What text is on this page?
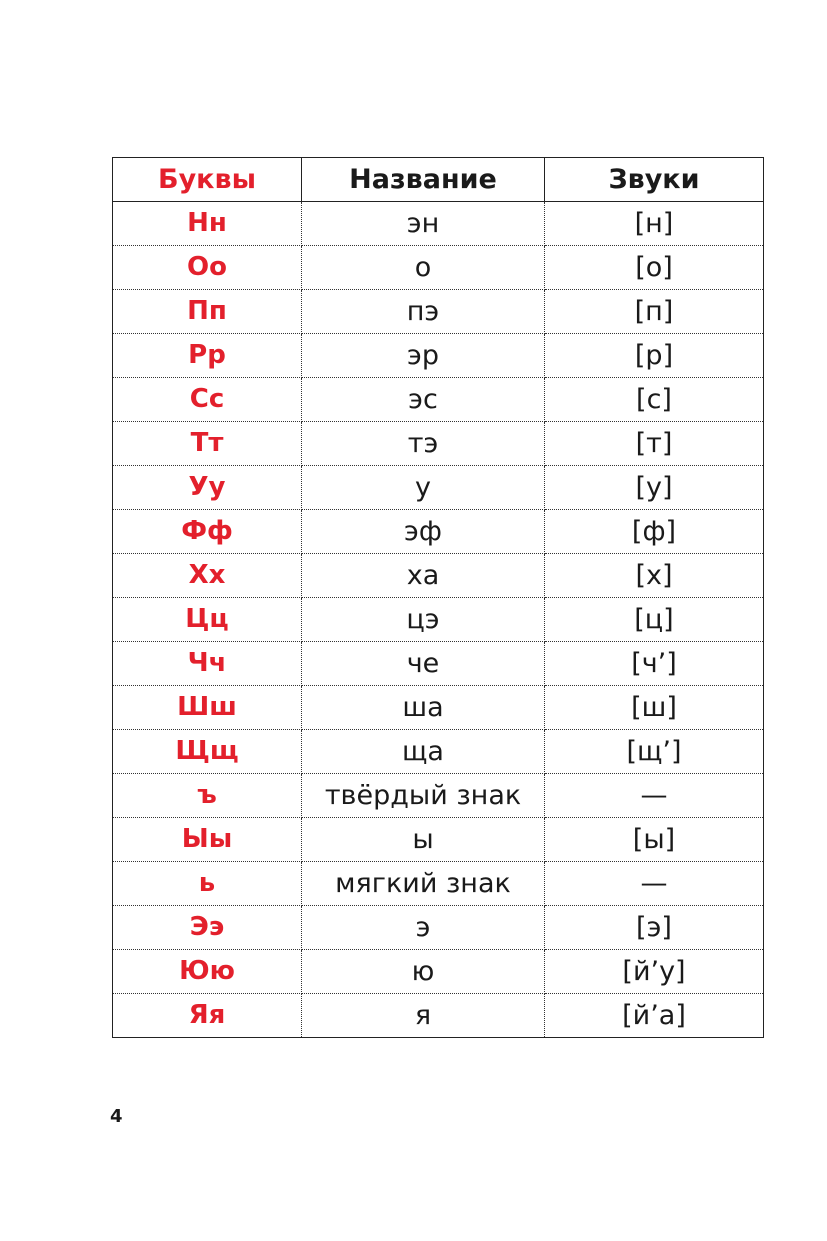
Буквы	Название	Звуки
Нн	эн	[н]
Оо	о	[о]
Пп	пэ	[п]
Рр	эр	[р]
Сс	эс	[с]
Тт	тэ	[т]
Уу	у	[у]
Фф	эф	[ф]
Хх	ха	[х]
Цц	цэ	[ц]
Чч	че	[ч’]
Шш	ша	[ш]
Щщ	ща	[щ’]
ъ	твёрдый знак	—
Ыы	ы	[ы]
ь	мягкий знак	—
Ээ	э	[э]
Юю	ю	[й’у]
Яя	я	[й’а]
4
